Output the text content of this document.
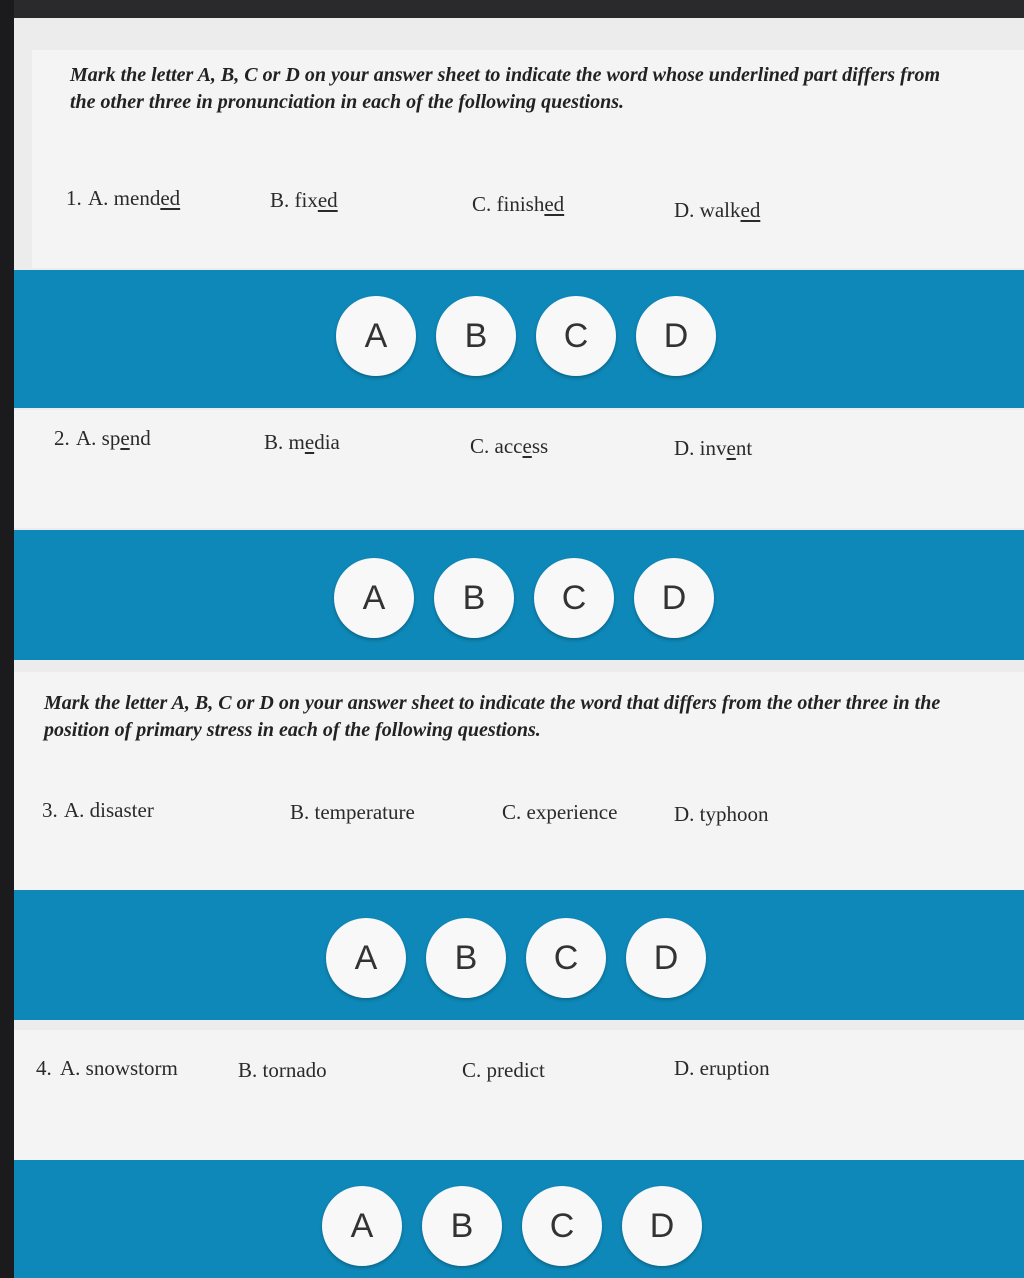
Mark the letter A, B, C or D on your answer sheet to indicate the word whose underlined part differs from the other three in pronunciation in each of the following questions.
1. A. mended	B. fixed	C. finished	D. walked
A	B	C	D
2. A. spend	B. media	C. access	D. invent
A	B	C	D
Mark the letter A, B, C or D on your answer sheet to indicate the word that differs from the other three in the position of primary stress in each of the following questions.
3. A. disaster	B. temperature	C. experience	D. typhoon
A	B	C	D
4. A. snowstorm	B. tornado	C. predict	D. eruption
A	B	C	D
